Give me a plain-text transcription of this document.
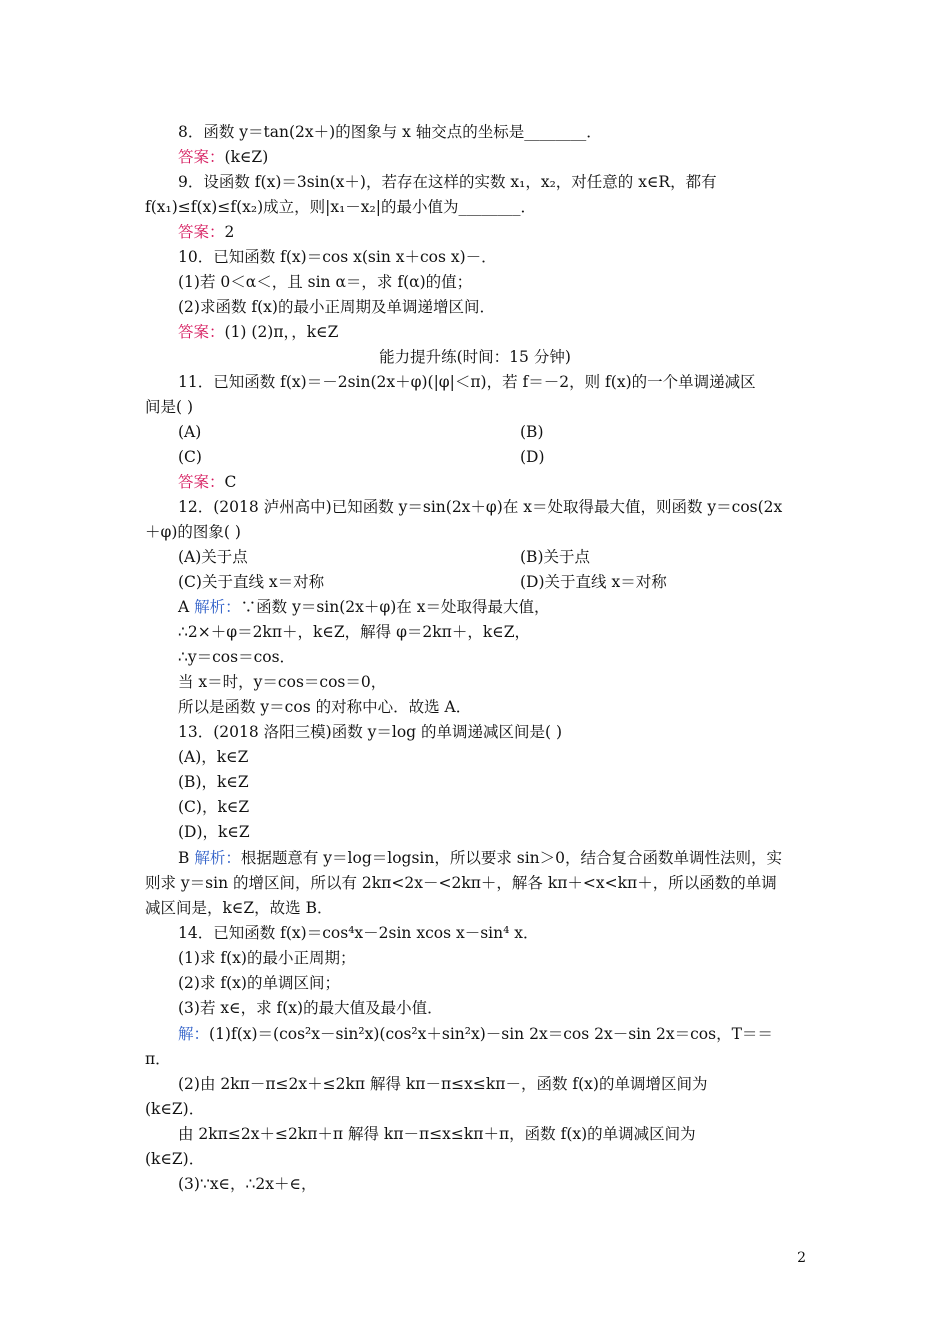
8．函数 y＝tan(2x＋)的图象与 x 轴交点的坐标是________．
答案：(k∈Z)
9．设函数 f(x)＝3sin(x＋)，若存在这样的实数 x₁，x₂，对任意的 x∈R，都有
f(x₁)≤f(x)≤f(x₂)成立，则|x₁－x₂|的最小值为________．
答案：2
10．已知函数 f(x)＝cos x(sin x＋cos x)－．
(1)若 0＜α＜，且 sin α＝，求 f(α)的值；
(2)求函数 f(x)的最小正周期及单调递增区间．
答案：(1) (2)π，，k∈Z
能力提升练(时间：15 分钟)
11．已知函数 f(x)＝－2sin(2x＋φ)(|φ|＜π)，若 f＝－2，则 f(x)的一个单调递减区
间是( )
(A)	(B)
(C)	(D)
答案：C
12．(2018 泸州高中)已知函数 y＝sin(2x＋φ)在 x＝处取得最大值，则函数 y＝cos(2x
＋φ)的图象( )
(A)关于点	(B)关于点
(C)关于直线 x＝对称	(D)关于直线 x＝对称
A 解析：∵函数 y＝sin(2x＋φ)在 x＝处取得最大值，
∴2×＋φ＝2kπ＋，k∈Z，解得 φ＝2kπ＋，k∈Z，
∴y＝cos＝cos．
当 x＝时，y＝cos＝cos＝0，
所以是函数 y＝cos 的对称中心．故选 A．
13．(2018 洛阳三模)函数 y＝log 的单调递减区间是( )
(A)，k∈Z
(B)，k∈Z
(C)，k∈Z
(D)，k∈Z
B 解析：根据题意有 y＝log＝logsin，所以要求 sin＞0，结合复合函数单调性法则，实
则求 y＝sin 的增区间，所以有 2kπ<2x－<2kπ＋，解各 kπ＋<x<kπ＋，所以函数的单调
减区间是，k∈Z，故选 B．
14．已知函数 f(x)＝cos⁴x－2sin xcos x－sin⁴ x．
(1)求 f(x)的最小正周期；
(2)求 f(x)的单调区间；
(3)若 x∈，求 f(x)的最大值及最小值．
解：(1)f(x)＝(cos²x－sin²x)(cos²x＋sin²x)－sin 2x＝cos 2x－sin 2x＝cos，T＝＝
π．
(2)由 2kπ－π≤2x＋≤2kπ 解得 kπ－π≤x≤kπ－，函数 f(x)的单调增区间为
(k∈Z)．
由 2kπ≤2x＋≤2kπ＋π 解得 kπ－π≤x≤kπ＋π，函数 f(x)的单调减区间为
(k∈Z)．
(3)∵x∈，∴2x＋∈，
2
